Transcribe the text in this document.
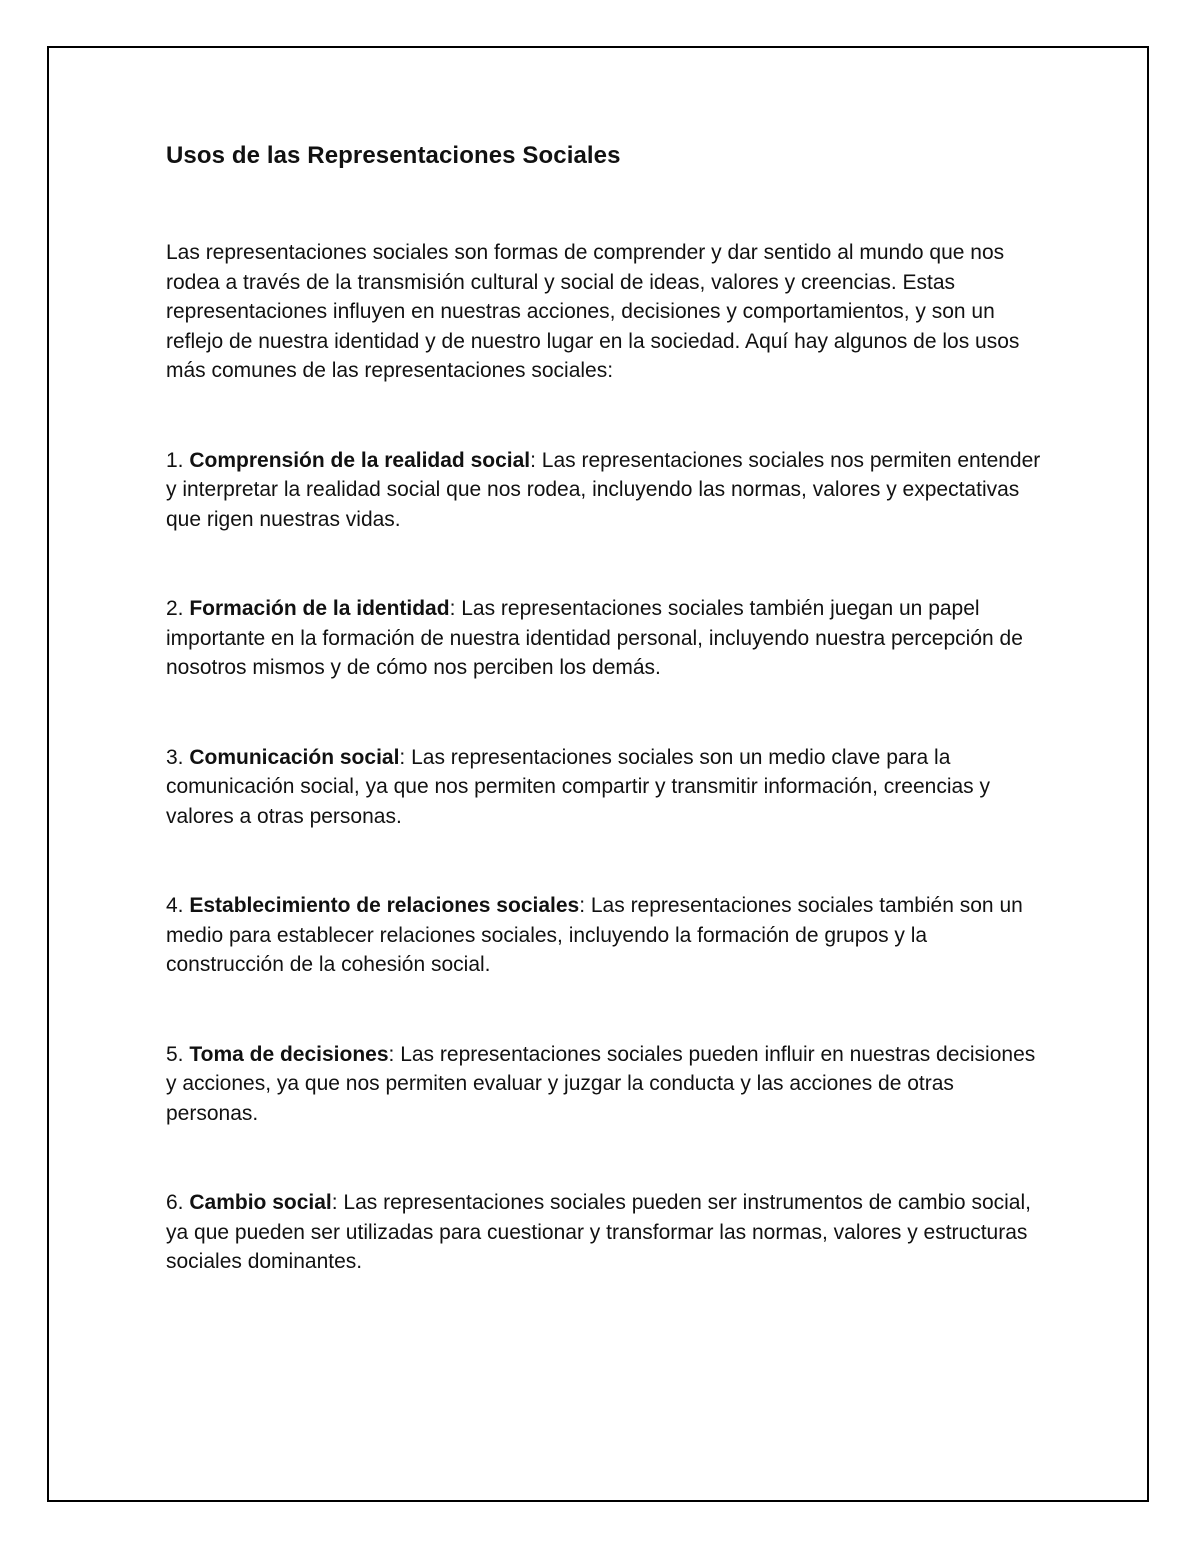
Usos de las Representaciones Sociales

Las representaciones sociales son formas de comprender y dar sentido al mundo que nos rodea a través de la transmisión cultural y social de ideas, valores y creencias. Estas representaciones influyen en nuestras acciones, decisiones y comportamientos, y son un reflejo de nuestra identidad y de nuestro lugar en la sociedad. Aquí hay algunos de los usos más comunes de las representaciones sociales:

1. Comprensión de la realidad social: Las representaciones sociales nos permiten entender y interpretar la realidad social que nos rodea, incluyendo las normas, valores y expectativas que rigen nuestras vidas.

2. Formación de la identidad: Las representaciones sociales también juegan un papel importante en la formación de nuestra identidad personal, incluyendo nuestra percepción de nosotros mismos y de cómo nos perciben los demás.

3. Comunicación social: Las representaciones sociales son un medio clave para la comunicación social, ya que nos permiten compartir y transmitir información, creencias y valores a otras personas.

4. Establecimiento de relaciones sociales: Las representaciones sociales también son un medio para establecer relaciones sociales, incluyendo la formación de grupos y la construcción de la cohesión social.

5. Toma de decisiones: Las representaciones sociales pueden influir en nuestras decisiones y acciones, ya que nos permiten evaluar y juzgar la conducta y las acciones de otras personas.

6. Cambio social: Las representaciones sociales pueden ser instrumentos de cambio social, ya que pueden ser utilizadas para cuestionar y transformar las normas, valores y estructuras sociales dominantes.
